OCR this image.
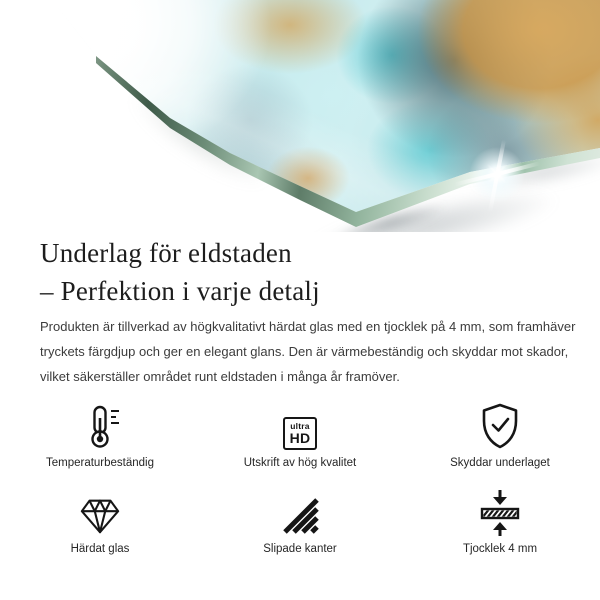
Underlag för eldstaden
– Perfektion i varje detalj
Produkten är tillverkad av högkvalitativt härdat glas med en tjocklek på 4 mm, som framhäver
tryckets färgdjup och ger en elegant glans. Den är värmebeständig och skyddar mot skador,
vilket säkerställer området runt eldstaden i många år framöver.
Temperaturbeständig
ultra
HD
Utskrift av hög kvalitet	Skyddar underlaget
Härdat glas	Slipade kanter	Tjocklek 4 mm
